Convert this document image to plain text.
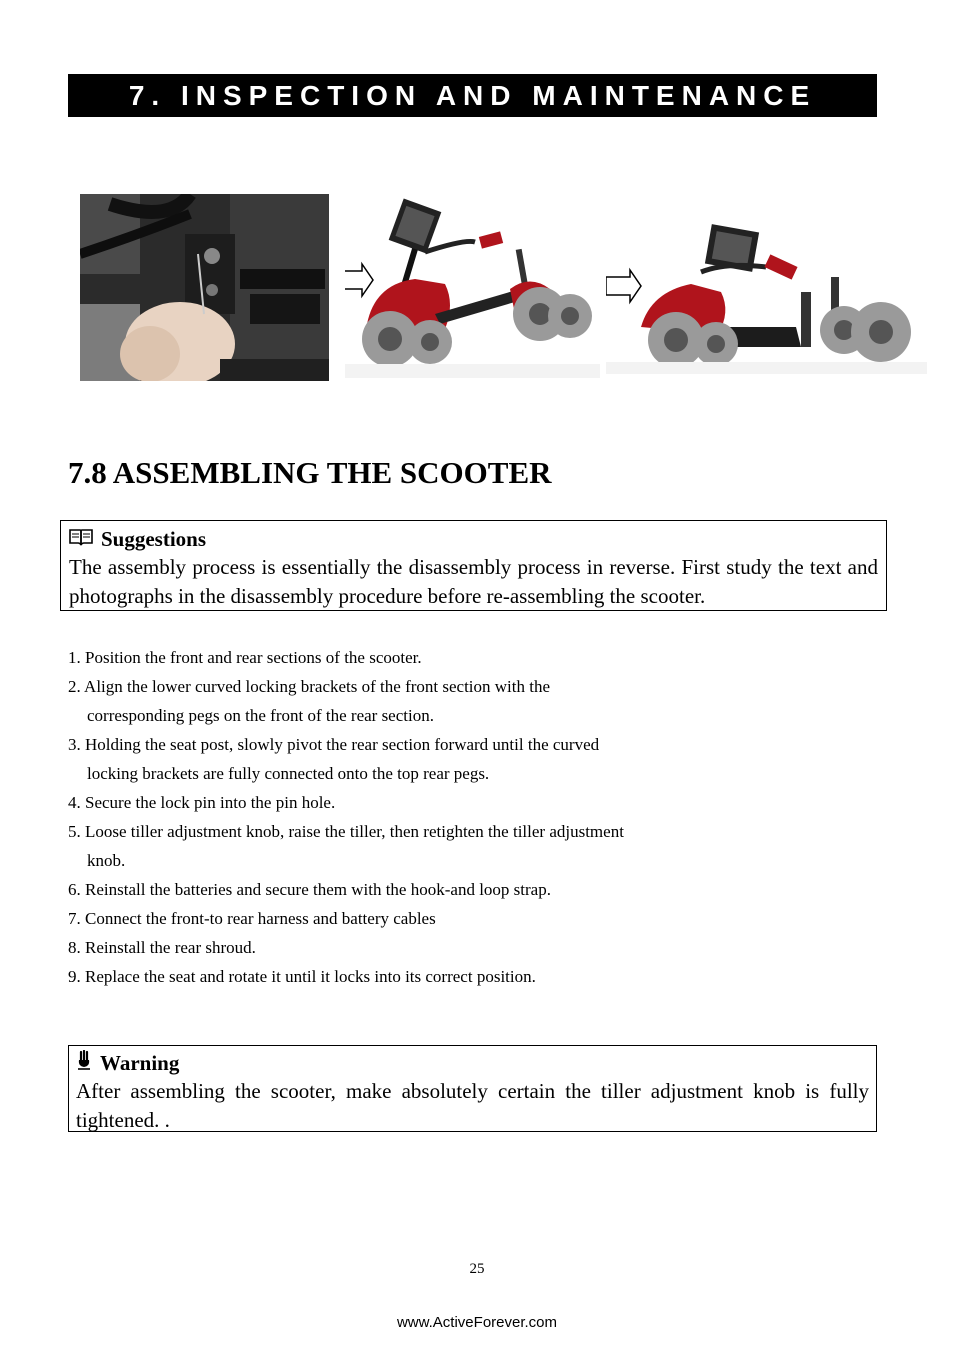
7. INSPECTION AND MAINTENANCE
7.8 ASSEMBLING THE SCOOTER
Suggestions
The assembly process is essentially the disassembly process in reverse. First study the text and photographs in the disassembly procedure before re-assembling the scooter.
1. Position the front and rear sections of the scooter.
2. Align the lower curved locking brackets of the front section with the corresponding pegs on the front of the rear section.
3. Holding the seat post, slowly pivot the rear section forward until the curved locking brackets are fully connected onto the top rear pegs.
4. Secure the lock pin into the pin hole.
5. Loose tiller adjustment knob, raise the tiller, then retighten the tiller adjustment knob.
6. Reinstall the batteries and secure them with the hook-and loop strap.
7. Connect the front-to rear harness and battery cables
8. Reinstall the rear shroud.
9. Replace the seat and rotate it until it locks into its correct position.
Warning
After assembling the scooter, make absolutely certain the tiller adjustment knob is fully tightened. .
25
www.ActiveForever.com
